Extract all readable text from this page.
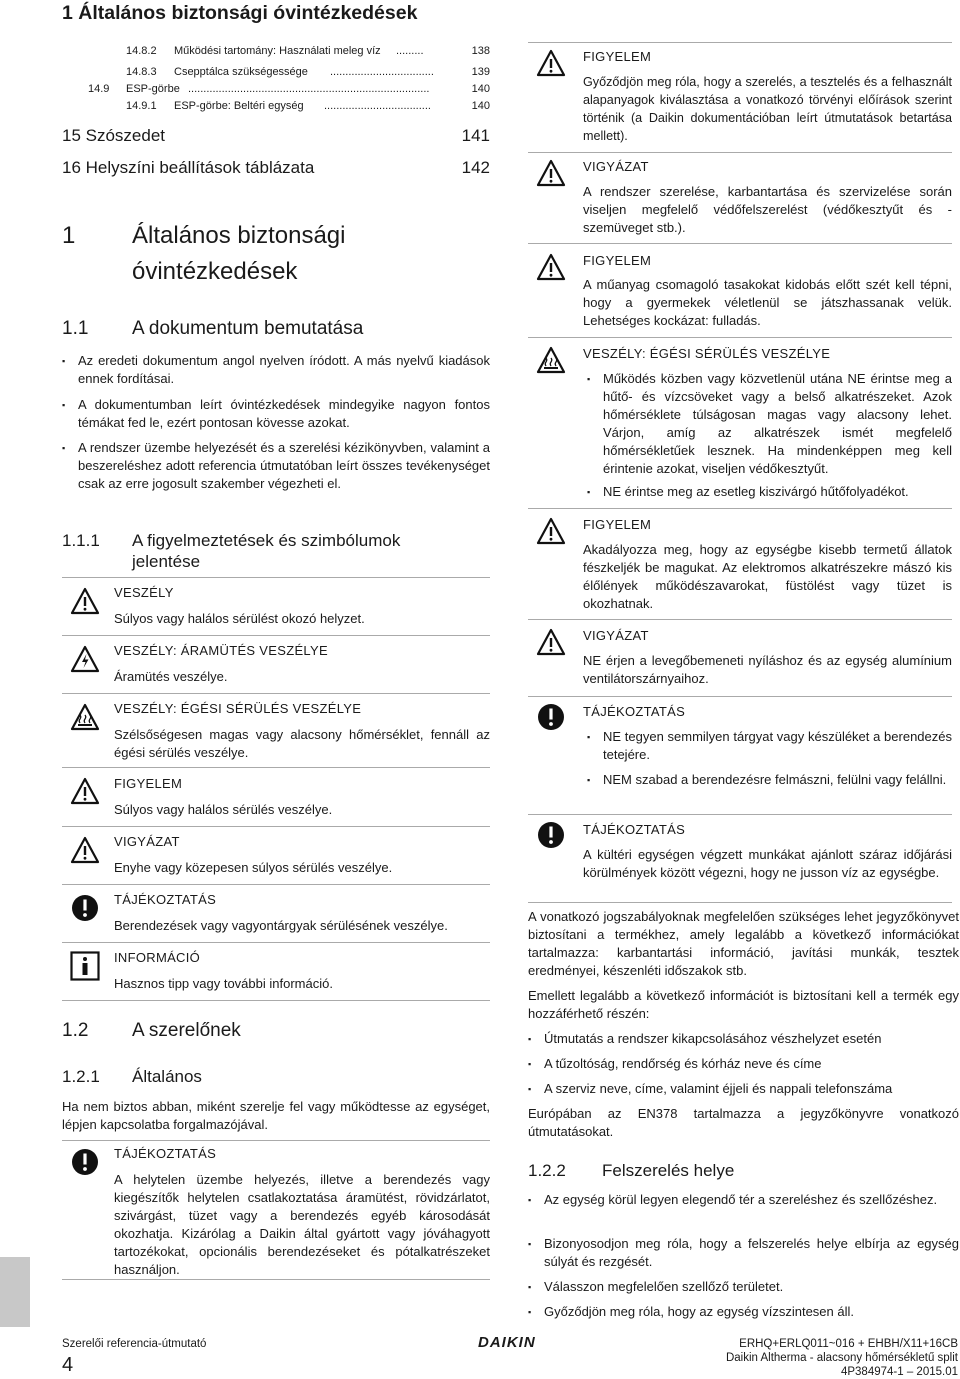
1 Általános biztonsági óvintézkedések
14.8.2 Működési tartomány: Használati meleg víz .........	138
14.8.3 Csepptálca szükségessége ..................................	139
14.9 ESP-görbe ...............................................................................	140
14.9.1 ESP-görbe: Beltéri egység ...................................	140
15 Szószedet	141
16 Helyszíni beállítások táblázata	142
1 Általános biztonsági
óvintézkedések
1.1 A dokumentum bemutatása
▪ Az eredeti dokumentum angol nyelven íródott. A más nyelvű kiadások ennek fordításai.
▪ A dokumentumban leírt óvintézkedések mindegyike nagyon fontos témákat fed le, ezért pontosan kövesse azokat.
▪ A rendszer üzembe helyezését és a szerelési kézikönyvben, valamint a beszereléshez adott referencia útmutatóban leírt összes tevékenységet csak az erre jogosult szakember végezheti el.
1.1.1 A figyelmeztetések és szimbólumok
jelentése
VESZÉLY
Súlyos vagy halálos sérülést okozó helyzet.
VESZÉLY: ÁRAMÜTÉS VESZÉLYE
Áramütés veszélye.
VESZÉLY: ÉGÉSI SÉRÜLÉS VESZÉLYE
Szélsőségesen magas vagy alacsony hőmérséklet, fennáll az égési sérülés veszélye.
FIGYELEM
Súlyos vagy halálos sérülés veszélye.
VIGYÁZAT
Enyhe vagy közepesen súlyos sérülés veszélye.
TÁJÉKOZTATÁS
Berendezések vagy vagyontárgyak sérülésének veszélye.
INFORMÁCIÓ
Hasznos tipp vagy további információ.
1.2 A szerelőnek
1.2.1 Általános
Ha nem biztos abban, miként szerelje fel vagy működtesse az egységet, lépjen kapcsolatba forgalmazójával.
TÁJÉKOZTATÁS
A helytelen üzembe helyezés, illetve a berendezés vagy kiegészítők helytelen csatlakoztatása áramütést, rövidzárlatot, szivárgást, tüzet vagy a berendezés egyéb károsodását okozhatja. Kizárólag a Daikin által gyártott vagy jóváhagyott tartozékokat, opcionális berendezéseket és pótalkatrészeket használjon.
FIGYELEM
Győződjön meg róla, hogy a szerelés, a tesztelés és a felhasznált alapanyagok kiválasztása a vonatkozó törvényi előírások szerint történik (a Daikin dokumentációban leírt útmutatások betartása mellett).
VIGYÁZAT
A rendszer szerelése, karbantartása és szervizelése során viseljen megfelelő védőfelszerelést (védőkesztyűt és -szemüveget stb.).
FIGYELEM
A műanyag csomagoló tasakokat kidobás előtt szét kell tépni, hogy a gyermekek véletlenül se játszhassanak velük. Lehetséges kockázat: fulladás.
VESZÉLY: ÉGÉSI SÉRÜLÉS VESZÉLYE
▪ Működés közben vagy közvetlenül utána NE érintse meg a hűtő- és vízcsöveket vagy a belső alkatrészeket. Azok hőmérséklete túlságosan magas vagy alacsony lehet. Várjon, amíg az alkatrészek ismét megfelelő hőmérsékletűek lesznek. Ha mindenképpen meg kell érintenie azokat, viseljen védőkesztyűt.
▪ NE érintse meg az esetleg kiszivárgó hűtőfolyadékot.
FIGYELEM
Akadályozza meg, hogy az egységbe kisebb termetű állatok fészkeljék be magukat. Az elektromos alkatrészekre mászó kis élőlények működészavarokat, füstölést vagy tüzet is okozhatnak.
VIGYÁZAT
NE érjen a levegőbemeneti nyíláshoz és az egység alumínium ventilátorszárnyaihoz.
TÁJÉKOZTATÁS
▪ NE tegyen semmilyen tárgyat vagy készüléket a berendezés tetejére.
▪ NEM szabad a berendezésre felmászni, felülni vagy felállni.
TÁJÉKOZTATÁS
A kültéri egységen végzett munkákat ajánlott száraz időjárási körülmények között végezni, hogy ne jusson víz az egységbe.
A vonatkozó jogszabályoknak megfelelően szükséges lehet jegyzőkönyvet biztosítani a termékhez, amely legalább a következő információkat tartalmazza: karbantartási információ, javítási munkák, tesztek eredményei, készenléti időszakok stb.
Emellett legalább a következő információt is biztosítani kell a termék egy hozzáférhető részén:
▪ Útmutatás a rendszer kikapcsolásához vészhelyzet esetén
▪ A tűzoltóság, rendőrség és kórház neve és címe
▪ A szerviz neve, címe, valamint éjjeli és nappali telefonszáma
Európában az EN378 tartalmazza a jegyzőkönyvre vonatkozó útmutatásokat.
1.2.2 Felszerelés helye
▪ Az egység körül legyen elegendő tér a szereléshez és szellőzéshez.
▪ Bizonyosodjon meg róla, hogy a felszerelés helye elbírja az egység súlyát és rezgését.
▪ Válasszon megfelelően szellőző területet.
▪ Győződjön meg róla, hogy az egység vízszintesen áll.
Szerelői referencia-útmutató
4
DAIKIN	ERHQ+ERLQ011~016 + EHBH/X11+16CB
Daikin Altherma - alacsony hőmérsékletű split
4P384974-1 – 2015.01
